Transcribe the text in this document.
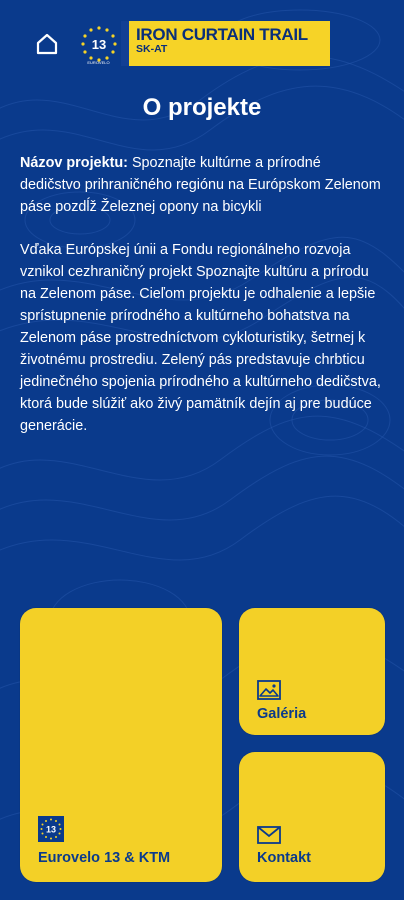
13
EUROVELO
IRON CURTAIN TRAIL
SK-AT
O projekte
Názov projektu: Spoznajte kultúrne a prírodné dedičstvo prihraničného regiónu na Európskom Zelenom páse pozdĺž Železnej opony na bicykli
Vďaka Európskej únii a Fondu regionálneho rozvoja vznikol cezhraničný projekt Spoznajte kultúru a prírodu na Zelenom páse. Cieľom projektu je odhalenie a lepšie sprístupnenie prírodného a kultúrneho bohatstva na Zelenom páse prostredníctvom cykloturistiky, šetrnej k životnému prostrediu. Zelený pás predstavuje chrbticu jedinečného spojenia prírodného a kultúrneho dedičstva, ktorá bude slúžiť ako živý pamätník dejín aj pre budúce generácie.
13
Eurovelo 13 & KTM
Galéria
Kontakt
